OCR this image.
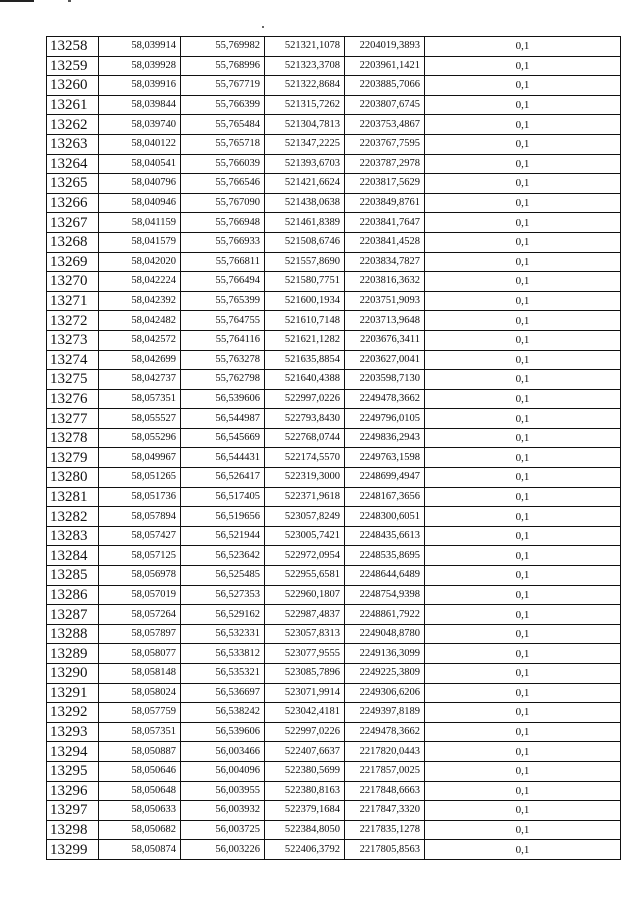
13258	58,039914	55,769982	521321,1078	2204019,3893	0,1
13259	58,039928	55,768996	521323,3708	2203961,1421	0,1
13260	58,039916	55,767719	521322,8684	2203885,7066	0,1
13261	58,039844	55,766399	521315,7262	2203807,6745	0,1
13262	58,039740	55,765484	521304,7813	2203753,4867	0,1
13263	58,040122	55,765718	521347,2225	2203767,7595	0,1
13264	58,040541	55,766039	521393,6703	2203787,2978	0,1
13265	58,040796	55,766546	521421,6624	2203817,5629	0,1
13266	58,040946	55,767090	521438,0638	2203849,8761	0,1
13267	58,041159	55,766948	521461,8389	2203841,7647	0,1
13268	58,041579	55,766933	521508,6746	2203841,4528	0,1
13269	58,042020	55,766811	521557,8690	2203834,7827	0,1
13270	58,042224	55,766494	521580,7751	2203816,3632	0,1
13271	58,042392	55,765399	521600,1934	2203751,9093	0,1
13272	58,042482	55,764755	521610,7148	2203713,9648	0,1
13273	58,042572	55,764116	521621,1282	2203676,3411	0,1
13274	58,042699	55,763278	521635,8854	2203627,0041	0,1
13275	58,042737	55,762798	521640,4388	2203598,7130	0,1
13276	58,057351	56,539606	522997,0226	2249478,3662	0,1
13277	58,055527	56,544987	522793,8430	2249796,0105	0,1
13278	58,055296	56,545669	522768,0744	2249836,2943	0,1
13279	58,049967	56,544431	522174,5570	2249763,1598	0,1
13280	58,051265	56,526417	522319,3000	2248699,4947	0,1
13281	58,051736	56,517405	522371,9618	2248167,3656	0,1
13282	58,057894	56,519656	523057,8249	2248300,6051	0,1
13283	58,057427	56,521944	523005,7421	2248435,6613	0,1
13284	58,057125	56,523642	522972,0954	2248535,8695	0,1
13285	58,056978	56,525485	522955,6581	2248644,6489	0,1
13286	58,057019	56,527353	522960,1807	2248754,9398	0,1
13287	58,057264	56,529162	522987,4837	2248861,7922	0,1
13288	58,057897	56,532331	523057,8313	2249048,8780	0,1
13289	58,058077	56,533812	523077,9555	2249136,3099	0,1
13290	58,058148	56,535321	523085,7896	2249225,3809	0,1
13291	58,058024	56,536697	523071,9914	2249306,6206	0,1
13292	58,057759	56,538242	523042,4181	2249397,8189	0,1
13293	58,057351	56,539606	522997,0226	2249478,3662	0,1
13294	58,050887	56,003466	522407,6637	2217820,0443	0,1
13295	58,050646	56,004096	522380,5699	2217857,0025	0,1
13296	58,050648	56,003955	522380,8163	2217848,6663	0,1
13297	58,050633	56,003932	522379,1684	2217847,3320	0,1
13298	58,050682	56,003725	522384,8050	2217835,1278	0,1
13299	58,050874	56,003226	522406,3792	2217805,8563	0,1
